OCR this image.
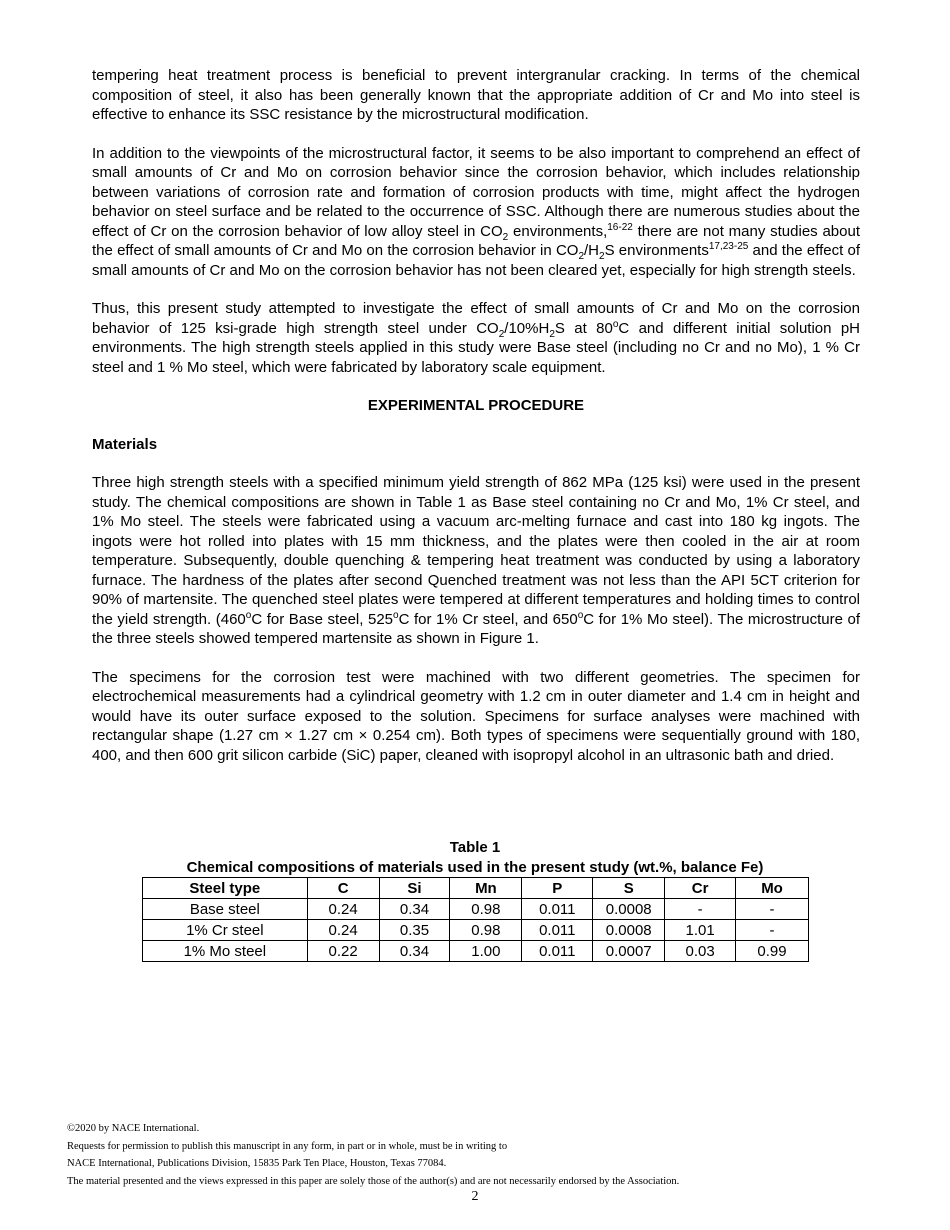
tempering heat treatment process is beneficial to prevent intergranular cracking. In terms of the chemical composition of steel, it also has been generally known that the appropriate addition of Cr and Mo into steel is effective to enhance its SSC resistance by the microstructural modification.

In addition to the viewpoints of the microstructural factor, it seems to be also important to comprehend an effect of small amounts of Cr and Mo on corrosion behavior since the corrosion behavior, which includes relationship between variations of corrosion rate and formation of corrosion products with time, might affect the hydrogen behavior on steel surface and be related to the occurrence of SSC. Although there are numerous studies about the effect of Cr on the corrosion behavior of low alloy steel in $CO_2$ environments,$^{16-22}$ there are not many studies about the effect of small amounts of Cr and Mo on the corrosion behavior in $CO_2/H_2S$ environments$^{17,23-25}$ and the effect of small amounts of Cr and Mo on the corrosion behavior has not been cleared yet, especially for high strength steels.

Thus, this present study attempted to investigate the effect of small amounts of Cr and Mo on the corrosion behavior of 125 ksi-grade high strength steel under $CO_2/10\%H_2S$ at 80$^o$C and different initial solution pH environments. The high strength steels applied in this study were Base steel (including no Cr and no Mo), 1 % Cr steel and 1 % Mo steel, which were fabricated by laboratory scale equipment.

EXPERIMENTAL PROCEDURE

Materials

Three high strength steels with a specified minimum yield strength of 862 MPa (125 ksi) were used in the present study. The chemical compositions are shown in Table 1 as Base steel containing no Cr and Mo, 1% Cr steel, and 1% Mo steel. The steels were fabricated using a vacuum arc-melting furnace and cast into 180 kg ingots. The ingots were hot rolled into plates with 15 mm thickness, and the plates were then cooled in the air at room temperature. Subsequently, double quenching & tempering heat treatment was conducted by using a laboratory furnace. The hardness of the plates after second Quenched treatment was not less than the API 5CT criterion for 90% of martensite. The quenched steel plates were tempered at different temperatures and holding times to control the yield strength. (460$^o$C for Base steel, 525$^o$C for 1% Cr steel, and 650$^o$C for 1% Mo steel). The microstructure of the three steels showed tempered martensite as shown in Figure 1.

The specimens for the corrosion test were machined with two different geometries. The specimen for electrochemical measurements had a cylindrical geometry with 1.2 cm in outer diameter and 1.4 cm in height and would have its outer surface exposed to the solution. Specimens for surface analyses were machined with rectangular shape (1.27 cm × 1.27 cm × 0.254 cm). Both types of specimens were sequentially ground with 180, 400, and then 600 grit silicon carbide (SiC) paper, cleaned with isopropyl alcohol in an ultrasonic bath and dried.

Table 1
Chemical compositions of materials used in the present study (wt.%, balance Fe)
Steel type	C	Si	Mn	P	S	Cr	Mo
Base steel	0.24	0.34	0.98	0.011	0.0008	-	-
1% Cr steel	0.24	0.35	0.98	0.011	0.0008	1.01	-
1% Mo steel	0.22	0.34	1.00	0.011	0.0007	0.03	0.99
©2020 by NACE International.
Requests for permission to publish this manuscript in any form, in part or in whole, must be in writing to
NACE International, Publications Division, 15835 Park Ten Place, Houston, Texas 77084.
The material presented and the views expressed in this paper are solely those of the author(s) and are not necessarily endorsed by the Association.
2
